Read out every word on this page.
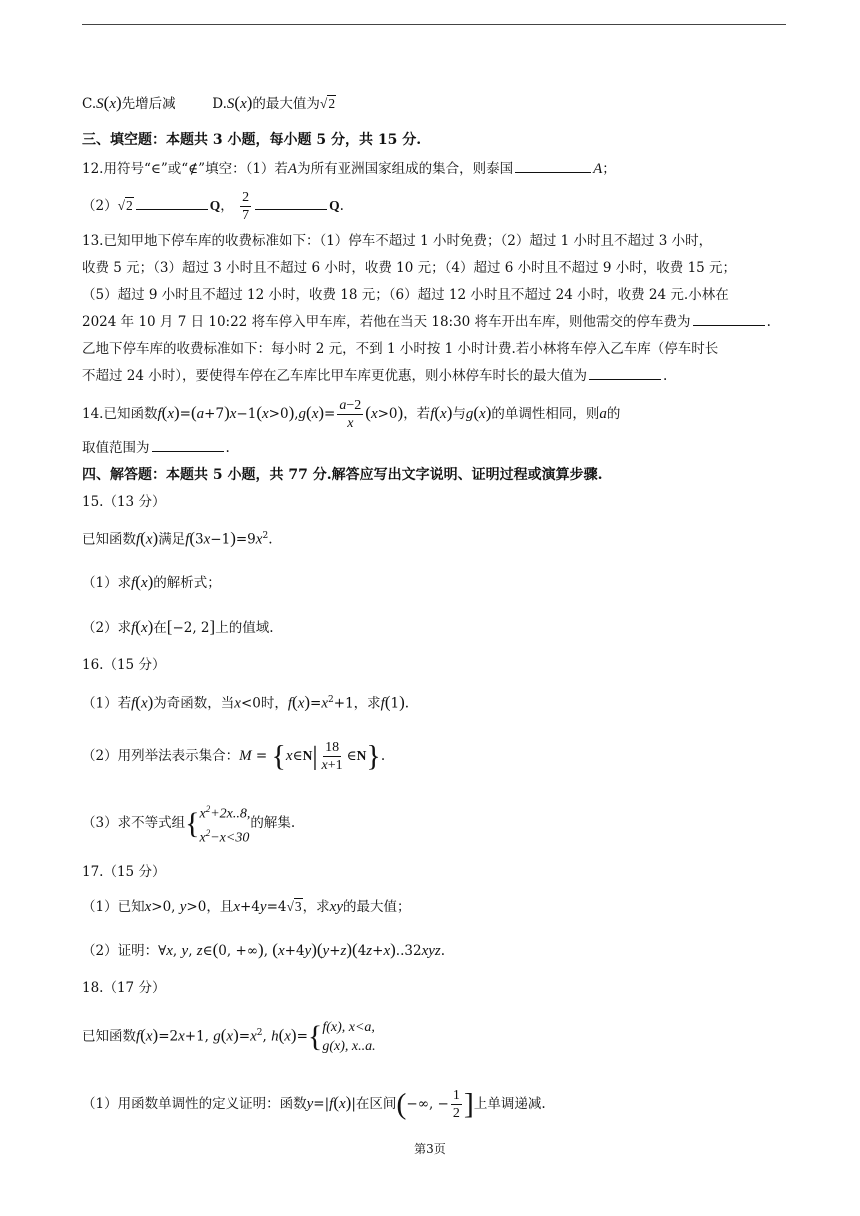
C.S(x)先增后减	D.S(x)的最大值为√2
三、填空题：本题共 3 小题，每小题 5 分，共 15 分.
12.用符号“∈”或“∉”填空：（1）若A为所有亚洲国家组成的集合，则泰国	A；
（2）√2	Q， $\frac{2}{7}$	Q.
13.已知甲地下停车库的收费标准如下：（1）停车不超过 1 小时免费；（2）超过 1 小时且不超过 3 小时，
收费 5 元；（3）超过 3 小时且不超过 6 小时，收费 10 元；（4）超过 6 小时且不超过 9 小时，收费 15 元；
（5）超过 9 小时且不超过 12 小时，收费 18 元；（6）超过 12 小时且不超过 24 小时，收费 24 元.小林在
2024 年 10 月 7 日 10:22 将车停入甲车库，若他在当天 18:30 将车开出车库，则他需交的停车费为	.
乙地下停车库的收费标准如下：每小时 2 元，不到 1 小时按 1 小时计费.若小林将车停入乙车库（停车时长
不超过 24 小时），要使得车停在乙车库比甲车库更优惠，则小林停车时长的最大值为	.
14.已知函数$f(x)=(a+7)x-1(x>0),g(x)= \frac{a-2}{x} (x>0)$，若f(x)与g(x)的单调性相同，则a的
取值范围为	.
四、解答题：本题共 5 小题，共 77 分.解答应写出文字说明、证明过程或演算步骤.
15.（13 分）
已知函数f(x)满足$f(3x-1)=9x^2$.
（1）求f(x)的解析式；
（2）求f(x)在[−2, 2]上的值域.
16.（15 分）
（1）若f(x)为奇函数，当x<0时，$f(x)=x^2+1$，求f(1).
（2）用列举法表示集合：M = {x∈N| $\frac{18}{x+1}$ ∈N}.
（3）求不等式组 { $x^2+2x..8$,
$x^2-x<30$
的解集.
17.（15 分）
（1）已知x>0, y>0，且x+4y=4√3，求xy的最大值；
（2）证明：∀x, y, z∈(0, +∞), (x+4y)(y+z)(4z+x)..32xyz.
18.（17 分）
已知函数f(x)=2x+1, $g(x)=x^2$, h(x)= { f(x), x<a,
g(x), x..a.
（1）用函数单调性的定义证明：函数y=|f(x)|在区间(−∞, − $\frac{1}{2}$ ]上单调递减.
第3页
